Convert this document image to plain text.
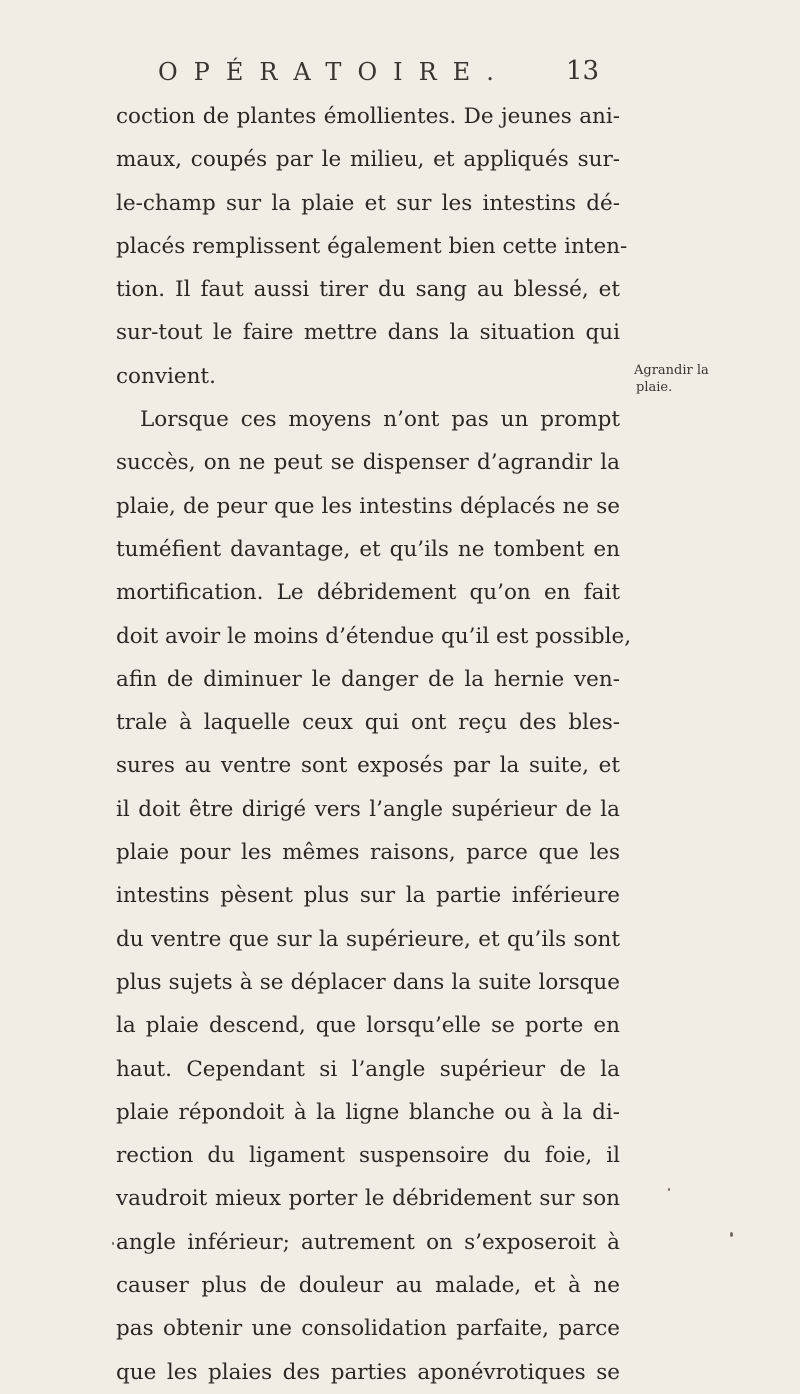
OPÉRATOIRE.	13
coction de plantes émollientes. De jeunes ani-
maux, coupés par le milieu, et appliqués sur-
le-champ sur la plaie et sur les intestins dé-
placés remplissent également bien cette inten-
tion. Il faut aussi tirer du sang au blessé, et
sur-tout le faire mettre dans la situation qui
convient.
Lorsque ces moyens n’ont pas un prompt
succès, on ne peut se dispenser d’agrandir la
plaie, de peur que les intestins déplacés ne se
tuméfient davantage, et qu’ils ne tombent en
mortification. Le débridement qu’on en fait
doit avoir le moins d’étendue qu’il est possible,
afin de diminuer le danger de la hernie ven-
trale à laquelle ceux qui ont reçu des bles-
sures au ventre sont exposés par la suite, et
il doit être dirigé vers l’angle supérieur de la
plaie pour les mêmes raisons, parce que les
intestins pèsent plus sur la partie inférieure
du ventre que sur la supérieure, et qu’ils sont
plus sujets à se déplacer dans la suite lorsque
la plaie descend, que lorsqu’elle se porte en
haut. Cependant si l’angle supérieur de la
plaie répondoit à la ligne blanche ou à la di-
rection du ligament suspensoire du foie, il
vaudroit mieux porter le débridement sur son
angle inférieur; autrement on s’exposeroit à
causer plus de douleur au malade, et à ne
pas obtenir une consolidation parfaite, parce
que les plaies des parties aponévrotiques se
Agrandir la
plaie.
